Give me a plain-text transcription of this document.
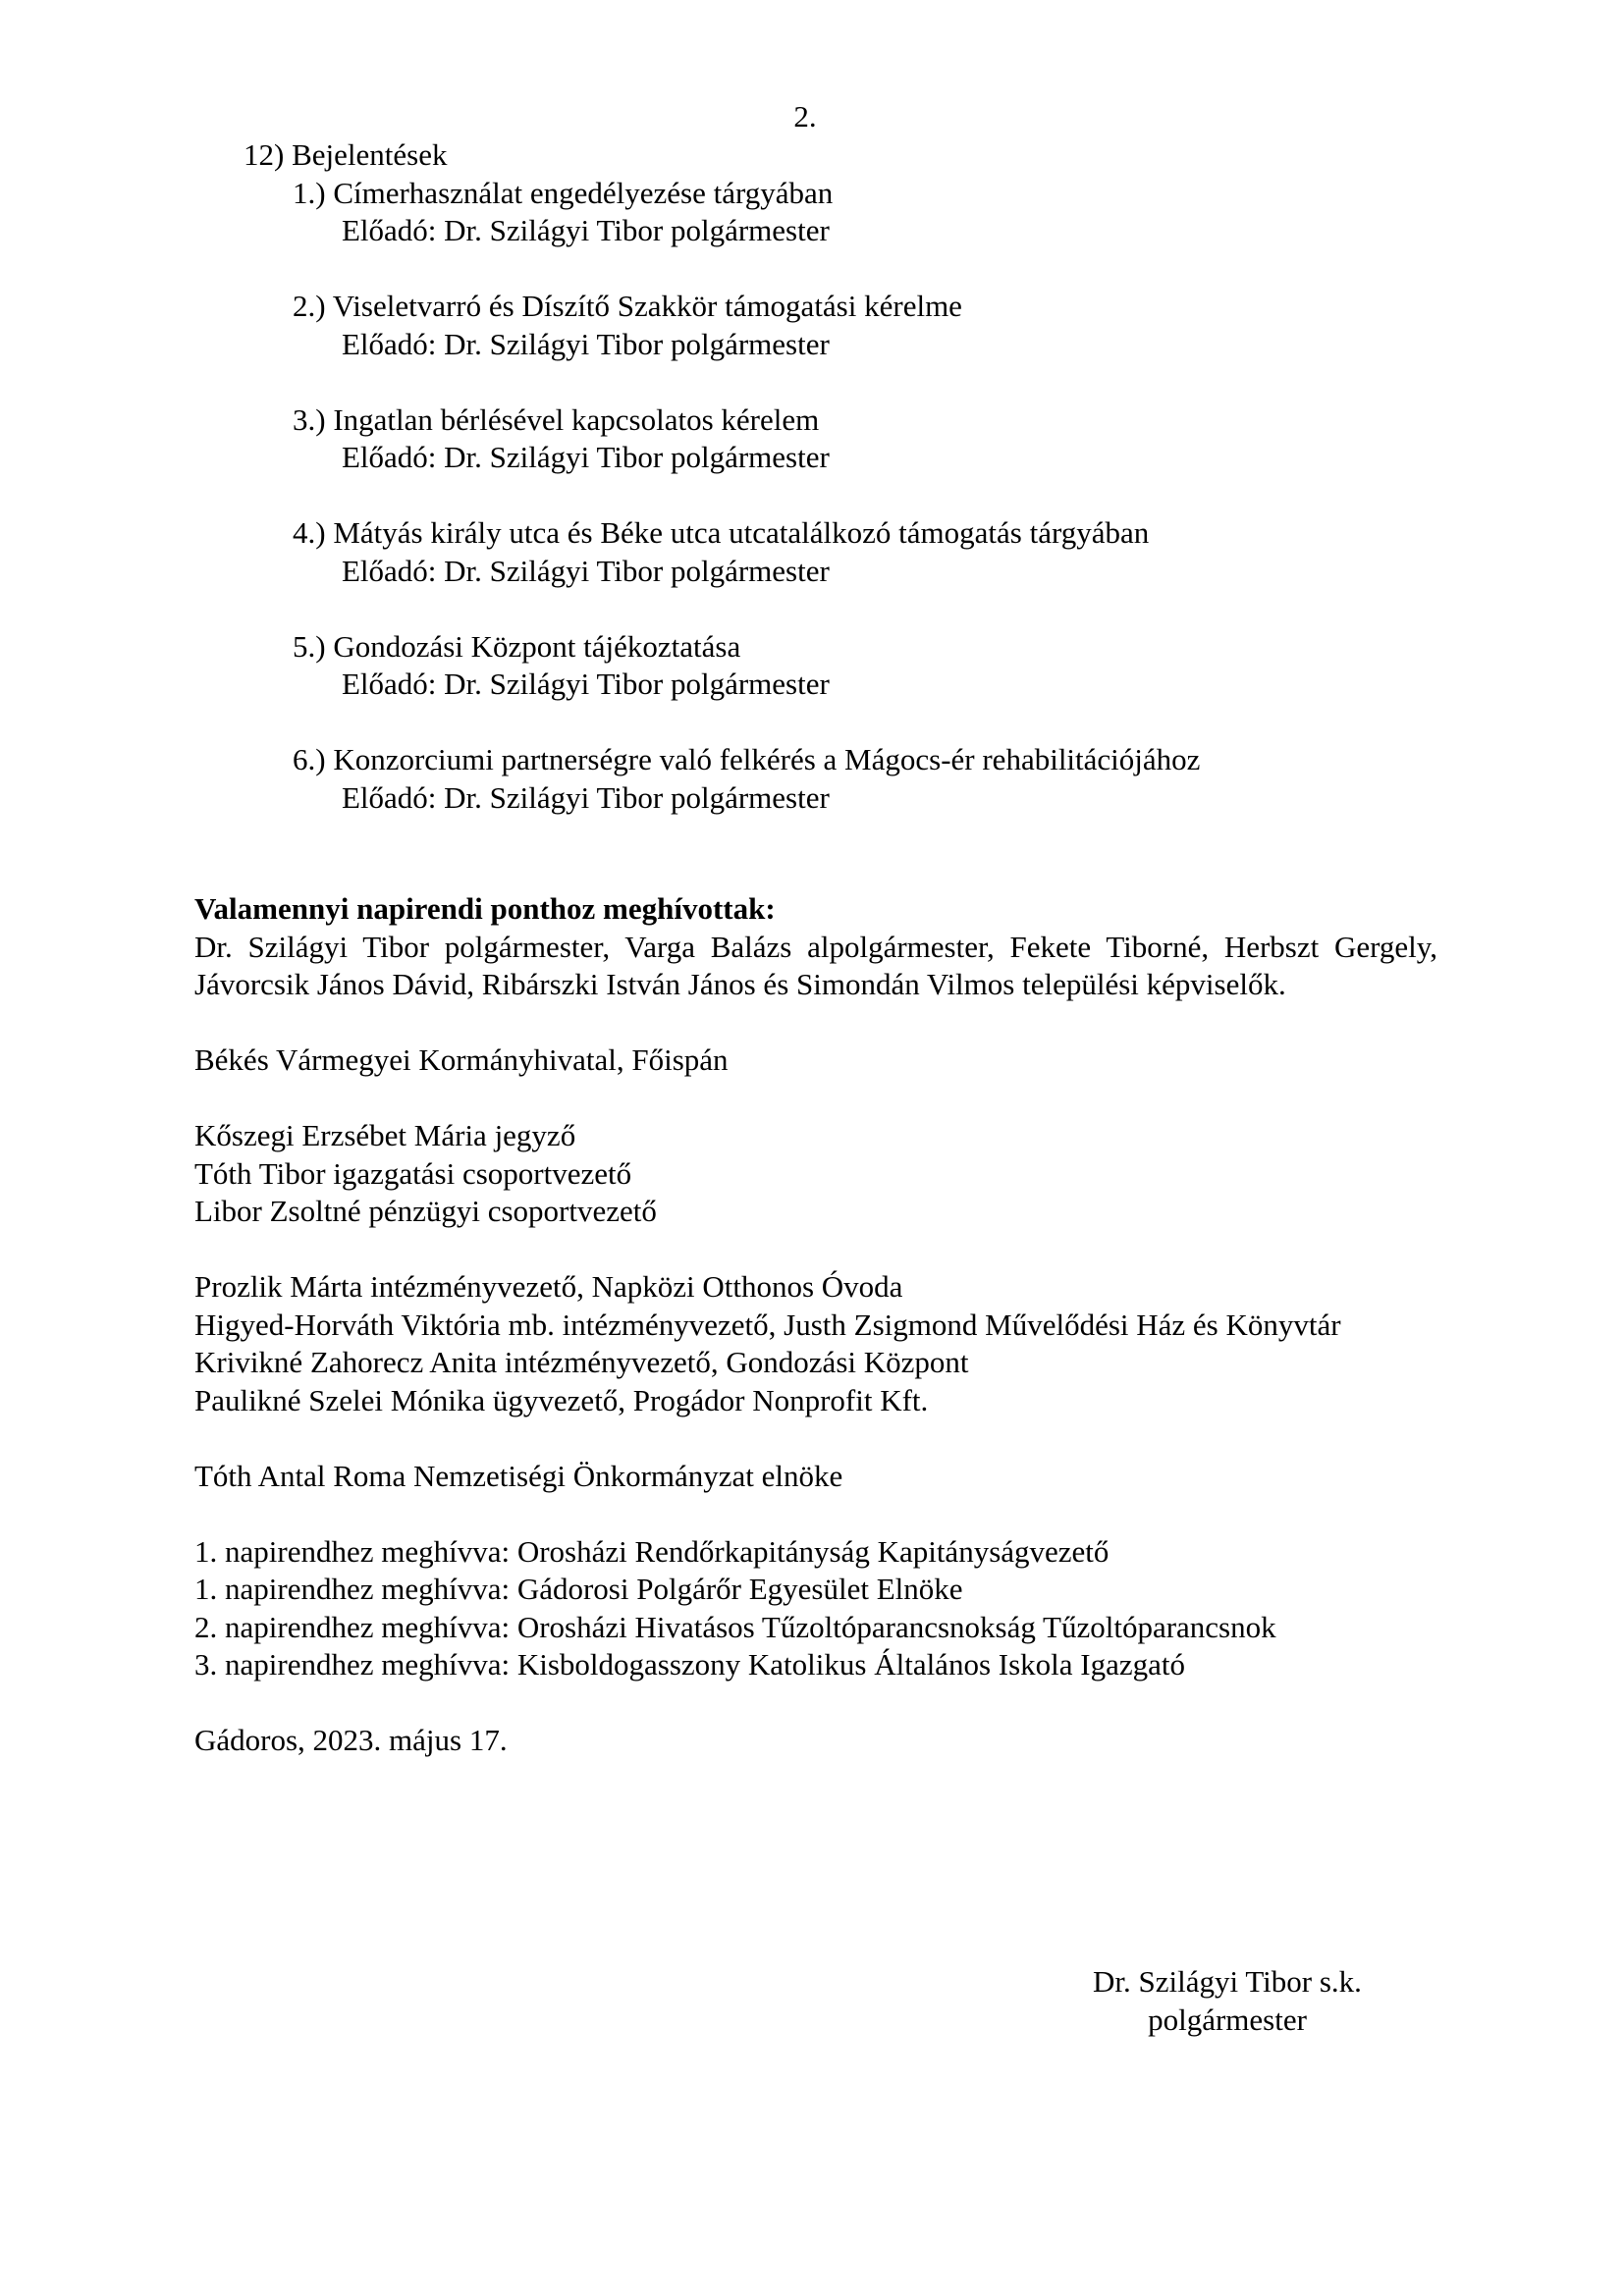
2.
12) Bejelentések
1.) Címerhasználat engedélyezése tárgyában
Előadó: Dr. Szilágyi Tibor polgármester
2.) Viseletvarró és Díszítő Szakkör támogatási kérelme
Előadó: Dr. Szilágyi Tibor polgármester
3.) Ingatlan bérlésével kapcsolatos kérelem
Előadó: Dr. Szilágyi Tibor polgármester
4.) Mátyás király utca és Béke utca utcatalálkozó támogatás tárgyában
Előadó: Dr. Szilágyi Tibor polgármester
5.) Gondozási Központ tájékoztatása
Előadó: Dr. Szilágyi Tibor polgármester
6.) Konzorciumi partnerségre való felkérés a Mágocs-ér rehabilitációjához
Előadó: Dr. Szilágyi Tibor polgármester
Valamennyi napirendi ponthoz meghívottak:

Dr. Szilágyi Tibor polgármester, Varga Balázs alpolgármester, Fekete Tiborné, Herbszt Gergely, Jávorcsik János Dávid, Ribárszki István János és Simondán Vilmos települési képviselők.

Békés Vármegyei Kormányhivatal, Főispán
Kőszegi Erzsébet Mária jegyző
Tóth Tibor igazgatási csoportvezető
Libor Zsoltné pénzügyi csoportvezető
Prozlik Márta intézményvezető, Napközi Otthonos Óvoda
Higyed-Horváth Viktória mb. intézményvezető, Justh Zsigmond Művelődési Ház és Könyvtár
Krivikné Zahorecz Anita intézményvezető, Gondozási Központ
Paulikné Szelei Mónika ügyvezető, Progádor Nonprofit Kft.
Tóth Antal Roma Nemzetiségi Önkormányzat elnöke
1. napirendhez meghívva: Orosházi Rendőrkapitányság Kapitányságvezető
1. napirendhez meghívva: Gádorosi Polgárőr Egyesület Elnöke
2. napirendhez meghívva: Orosházi Hivatásos Tűzoltóparancsnokság Tűzoltóparancsnok
3. napirendhez meghívva: Kisboldogasszony Katolikus Általános Iskola Igazgató
Gádoros, 2023. május 17.
Dr. Szilágyi Tibor s.k.
polgármester
